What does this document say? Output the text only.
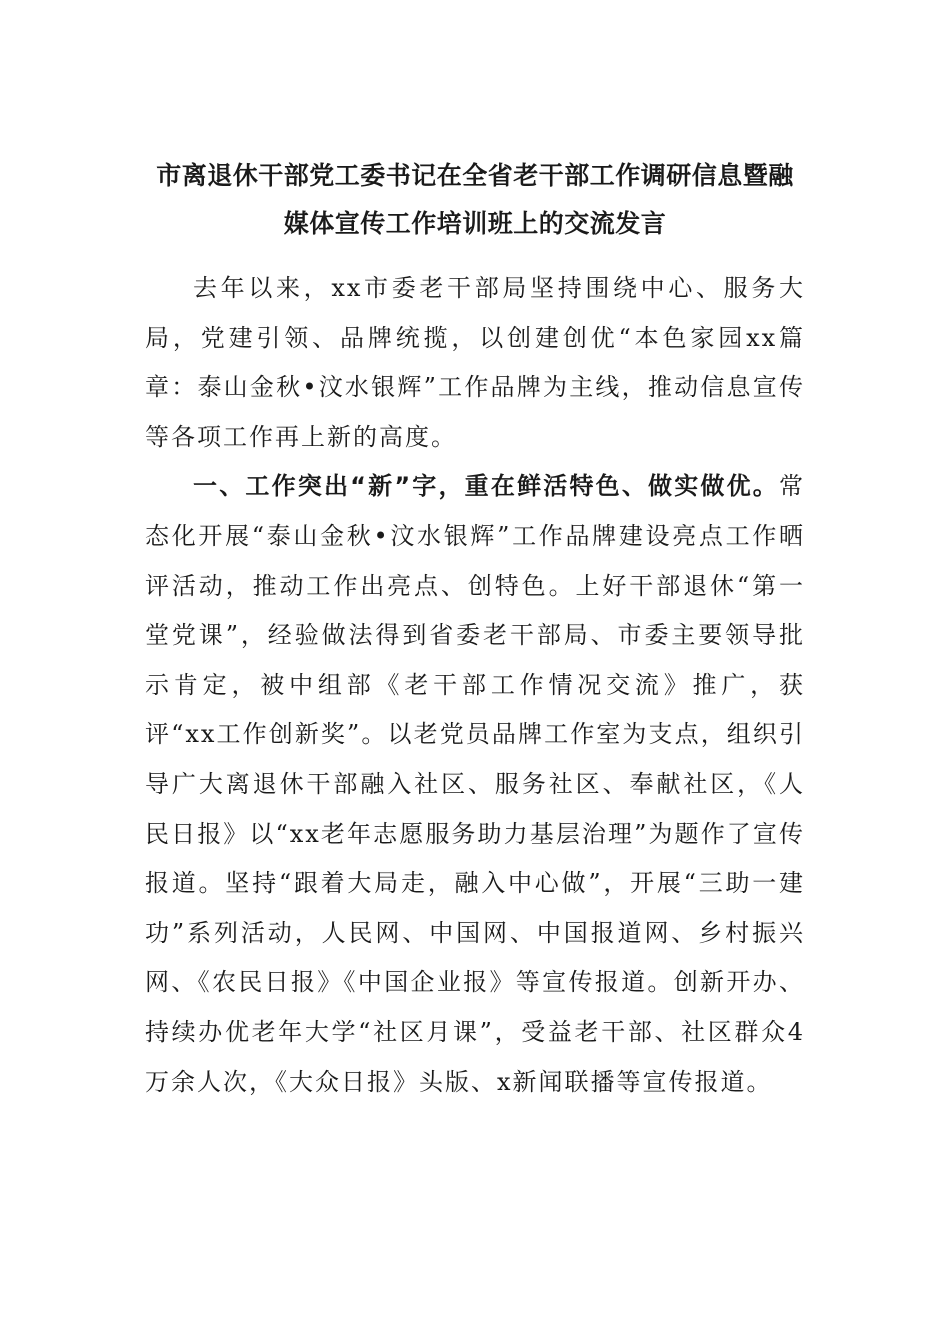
市离退休干部党工委书记在全省老干部工作调研信息暨融
媒体宣传工作培训班上的交流发言

去年以来，xx市委老干部局坚持围绕中心、服务大局，党建引领、品牌统揽，以创建创优“本色家园xx篇章：泰山金秋•汶水银辉”工作品牌为主线，推动信息宣传等各项工作再上新的高度。

一、工作突出“新”字，重在鲜活特色、做实做优。常态化开展“泰山金秋•汶水银辉”工作品牌建设亮点工作晒评活动，推动工作出亮点、创特色。上好干部退休“第一堂党课”，经验做法得到省委老干部局、市委主要领导批示肯定，被中组部《老干部工作情况交流》推广，获评“xx工作创新奖”。以老党员品牌工作室为支点，组织引导广大离退休干部融入社区、服务社区、奉献社区，《人民日报》以“xx老年志愿服务助力基层治理”为题作了宣传报道。坚持“跟着大局走，融入中心做”，开展“三助一建功”系列活动，人民网、中国网、中国报道网、乡村振兴网、《农民日报》《中国企业报》等宣传报道。创新开办、持续办优老年大学“社区月课”，受益老干部、社区群众4万余人次，《大众日报》头版、x新闻联播等宣传报道。
